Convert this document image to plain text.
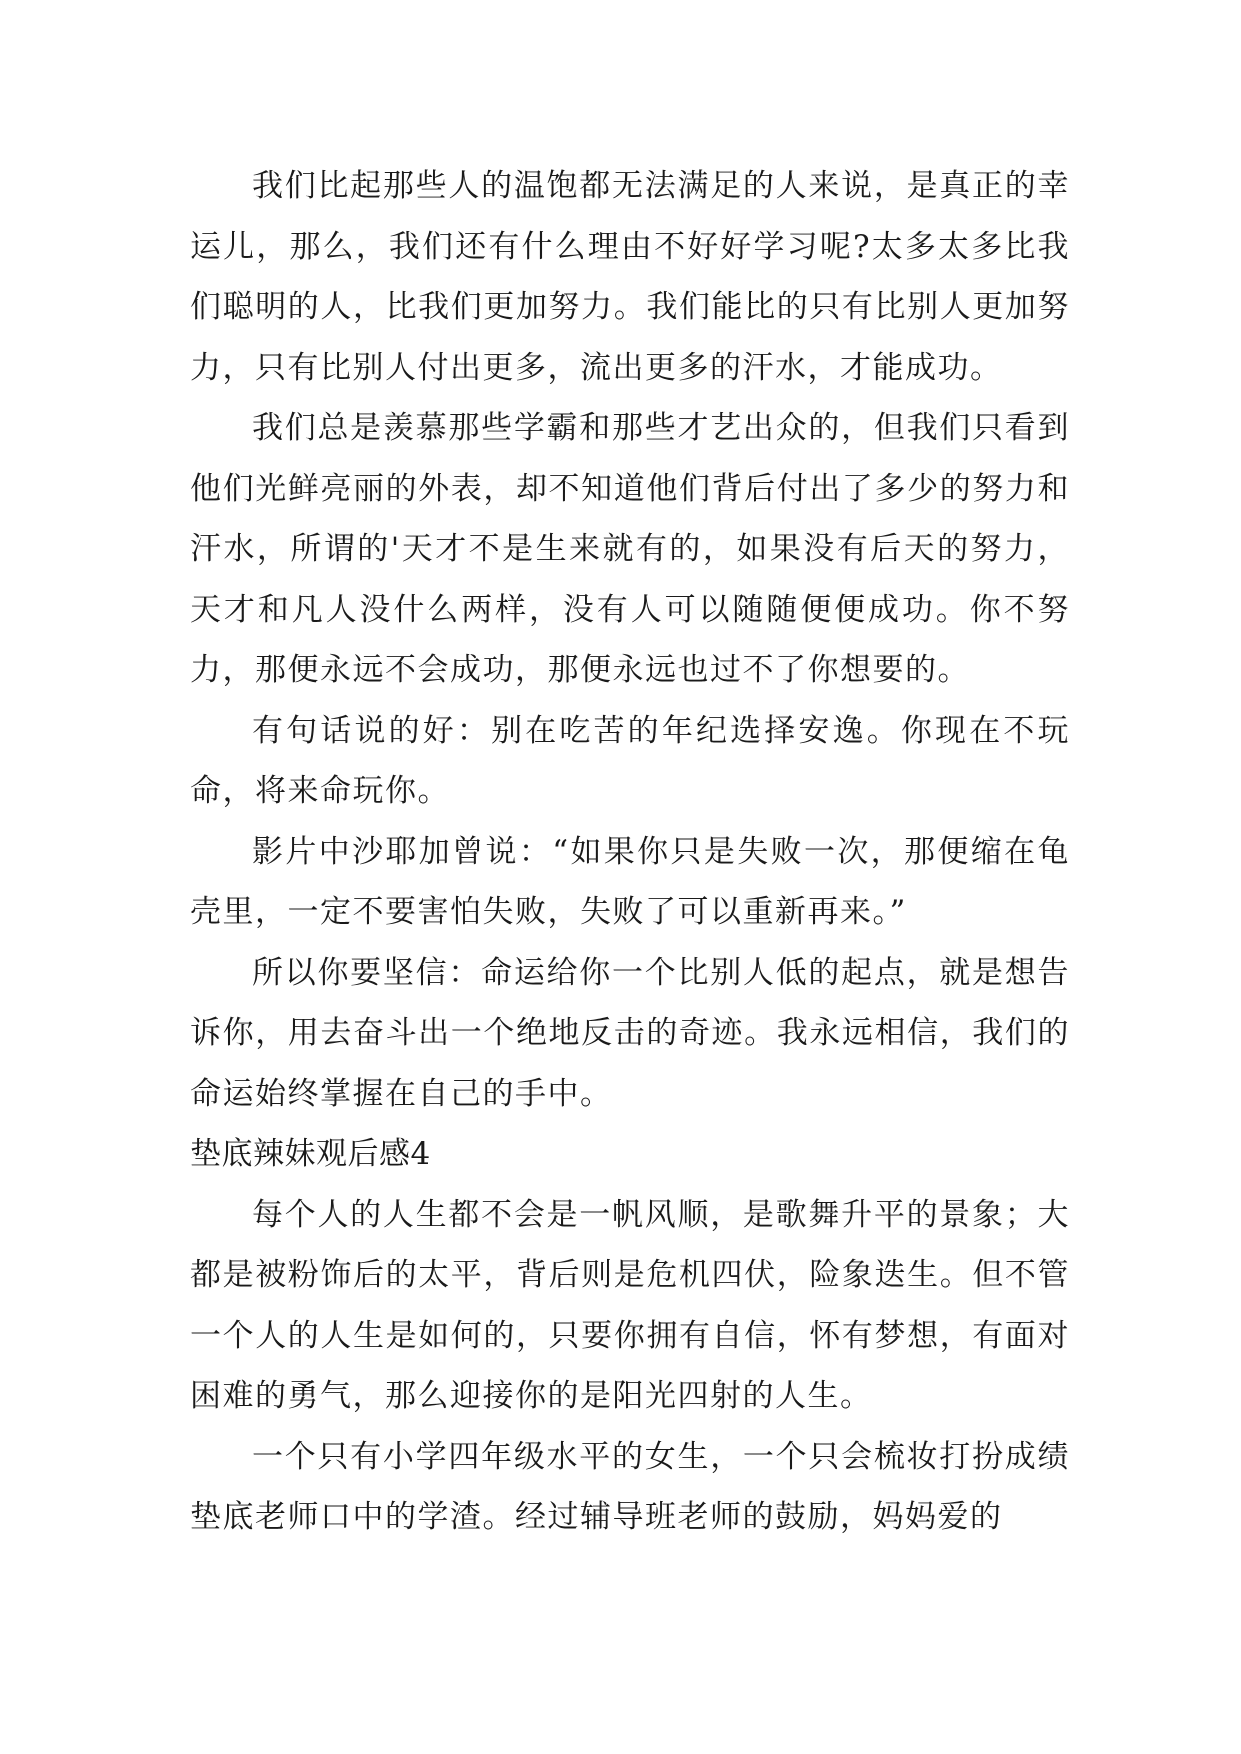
我们比起那些人的温饱都无法满足的人来说，是真正的幸运儿，那么，我们还有什么理由不好好学习呢?太多太多比我们聪明的人，比我们更加努力。我们能比的只有比别人更加努力，只有比别人付出更多，流出更多的汗水，才能成功。

我们总是羡慕那些学霸和那些才艺出众的，但我们只看到他们光鲜亮丽的外表，却不知道他们背后付出了多少的努力和汗水，所谓的'天才不是生来就有的，如果没有后天的努力，天才和凡人没什么两样，没有人可以随随便便成功。你不努力，那便永远不会成功，那便永远也过不了你想要的。

有句话说的好：别在吃苦的年纪选择安逸。你现在不玩命，将来命玩你。

影片中沙耶加曾说：“如果你只是失败一次，那便缩在龟壳里，一定不要害怕失败，失败了可以重新再来。”

所以你要坚信：命运给你一个比别人低的起点，就是想告诉你，用去奋斗出一个绝地反击的奇迹。我永远相信，我们的命运始终掌握在自己的手中。

垫底辣妹观后感4

每个人的人生都不会是一帆风顺，是歌舞升平的景象；大都是被粉饰后的太平，背后则是危机四伏，险象迭生。但不管一个人的人生是如何的，只要你拥有自信，怀有梦想，有面对困难的勇气，那么迎接你的是阳光四射的人生。

一个只有小学四年级水平的女生，一个只会梳妆打扮成绩垫底老师口中的学渣。经过辅导班老师的鼓励，妈妈爱的
